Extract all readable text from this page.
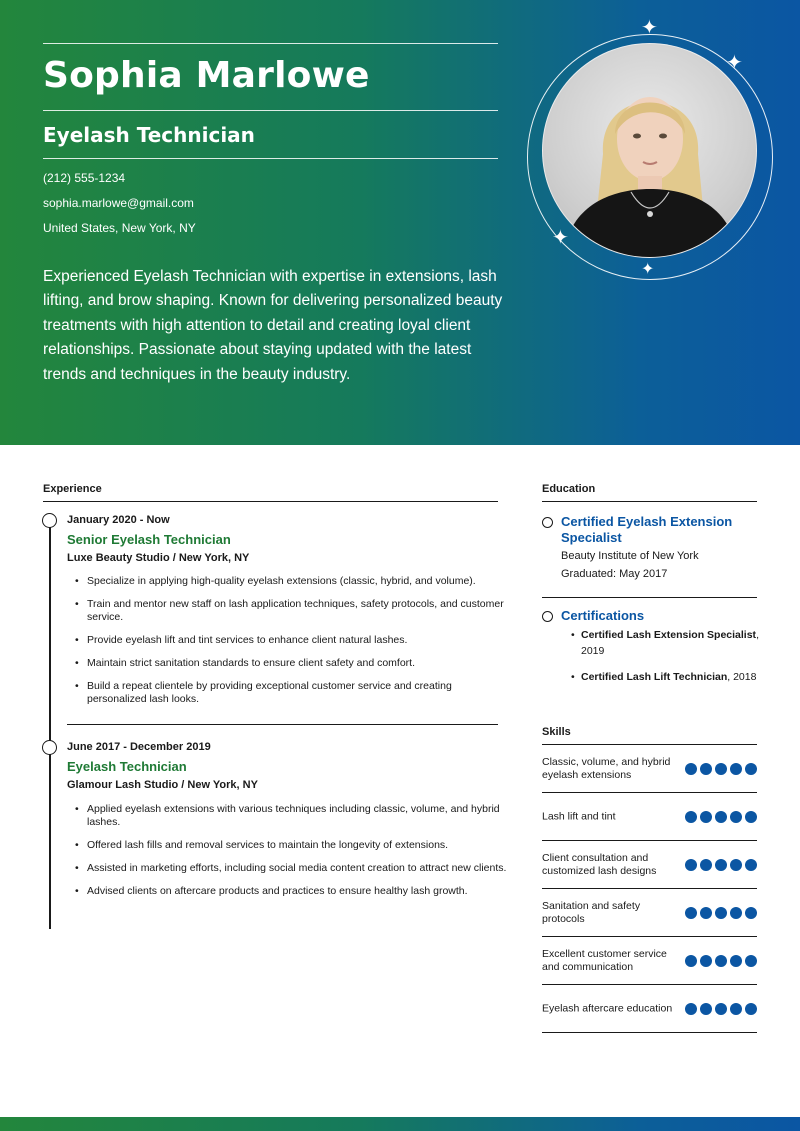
Sophia Marlowe
Eyelash Technician
(212) 555-1234
sophia.marlowe@gmail.com
United States, New York, NY
Experienced Eyelash Technician with expertise in extensions, lash lifting, and brow shaping. Known for delivering personalized beauty treatments with high attention to detail and creating loyal client relationships. Passionate about staying updated with the latest trends and techniques in the beauty industry.
✦
✦
✦
✦
Experience
January 2020 - Now
Senior Eyelash Technician
Luxe Beauty Studio / New York, NY
• Specialize in applying high-quality eyelash extensions (classic, hybrid, and volume).
• Train and mentor new staff on lash application techniques, safety protocols, and customer service.
• Provide eyelash lift and tint services to enhance client natural lashes.
• Maintain strict sanitation standards to ensure client safety and comfort.
• Build a repeat clientele by providing exceptional customer service and creating personalized lash looks.
June 2017 - December 2019
Eyelash Technician
Glamour Lash Studio / New York, NY
• Applied eyelash extensions with various techniques including classic, volume, and hybrid lashes.
• Offered lash fills and removal services to maintain the longevity of extensions.
• Assisted in marketing efforts, including social media content creation to attract new clients.
• Advised clients on aftercare products and practices to ensure healthy lash growth.
Education
Certified Eyelash Extension Specialist
Beauty Institute of New York
Graduated: May 2017
Certifications
• Certified Lash Extension Specialist, 2019
• Certified Lash Lift Technician, 2018
Skills
Classic, volume, and hybrid eyelash extensions
Lash lift and tint
Client consultation and customized lash designs
Sanitation and safety protocols
Excellent customer service and communication
Eyelash aftercare education
